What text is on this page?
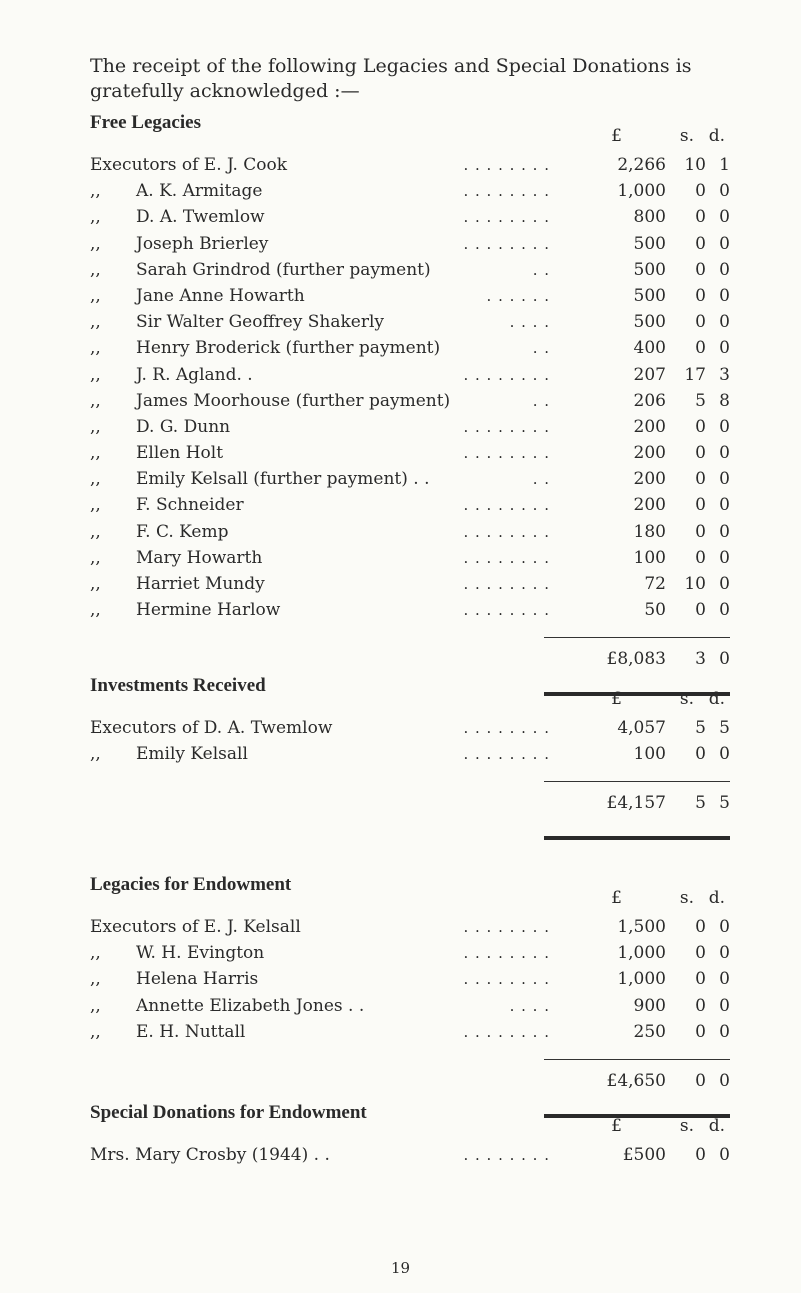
The receipt of the following Legacies and Special Donations is gratefully acknowledged :—

Free Legacies
£	s. d.
Executors of E. J. Cook	. . . . . . . .	2,266 10 1
,,	A. K. Armitage	. . . . . . . .	1,000 0 0
,,	D. A. Twemlow	. . . . . . . .	800 0 0
,,	Joseph Brierley	. . . . . . . .	500 0 0
,,	Sarah Grindrod (further payment)	. .	500 0 0
,,	Jane Anne Howarth	. . . . . .	500 0 0
,,	Sir Walter Geoffrey Shakerly	. . . .	500 0 0
,,	Henry Broderick (further payment)	. .	400 0 0
,,	J. R. Agland. .	. . . . . . . .	207 17 3
,,	James Moorhouse (further payment)	. .	206 5 8
,,	D. G. Dunn	. . . . . . . .	200 0 0
,,	Ellen Holt	. . . . . . . .	200 0 0
,,	Emily Kelsall (further payment) . .	. .	200 0 0
,,	F. Schneider	. . . . . . . .	200 0 0
,,	F. C. Kemp	. . . . . . . .	180 0 0
,,	Mary Howarth	. . . . . . . .	100 0 0
,,	Harriet Mundy	. . . . . . . .	72 10 0
,,	Hermine Harlow	. . . . . . . .	50 0 0
£8,083 3 0
Investments Received
£	s. d.
Executors of D. A. Twemlow	. . . . . . . .	4,057 5 5
,,	Emily Kelsall	. . . . . . . .	100 0 0
£4,157 5 5
Legacies for Endowment
£	s. d.
Executors of E. J. Kelsall	. . . . . . . .	1,500 0 0
,,	W. H. Evington	. . . . . . . .	1,000 0 0
,,	Helena Harris	. . . . . . . .	1,000 0 0
,,	Annette Elizabeth Jones . .	. . . .	900 0 0
,,	E. H. Nuttall	. . . . . . . .	250 0 0
£4,650 0 0
Special Donations for Endowment
£	s. d.
Mrs. Mary Crosby (1944) . .	. . . . . . . .	£500 0 0
19
